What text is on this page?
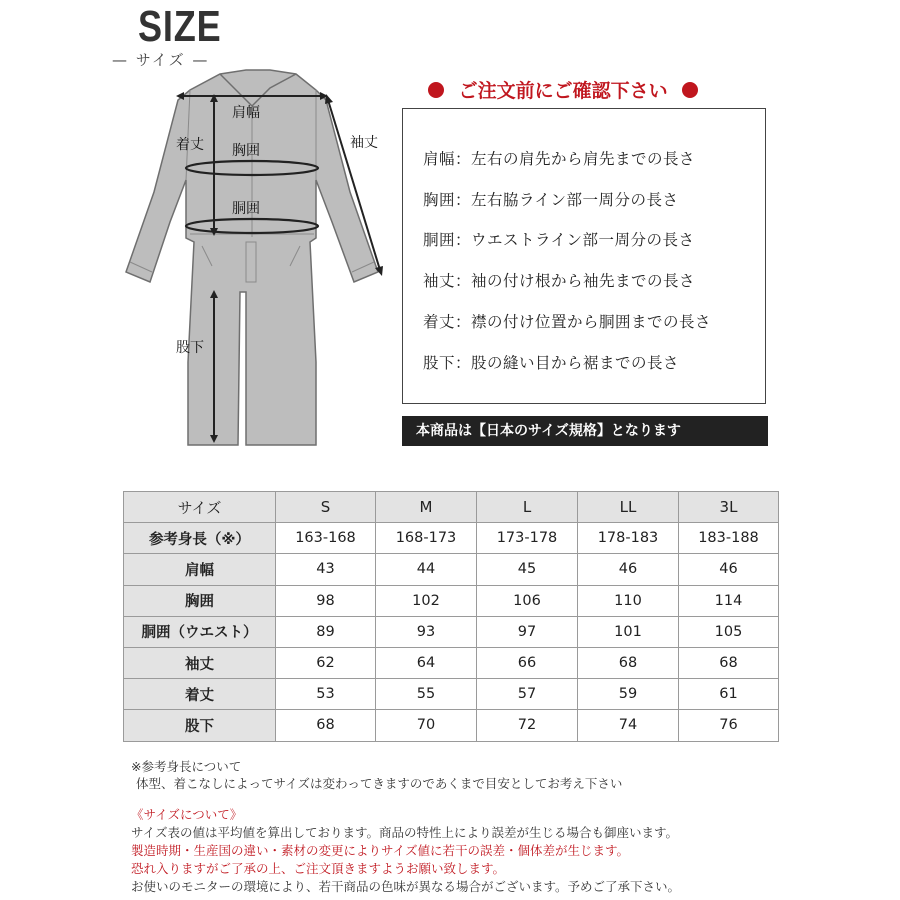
SIZE
— サイズ —
肩幅
着丈 胸囲	袖丈
胴囲
股下
ご注文前にご確認下さい
肩幅：左右の肩先から肩先までの長さ
胸囲：左右脇ライン部一周分の長さ
胴囲：ウエストライン部一周分の長さ
袖丈：袖の付け根から袖先までの長さ
着丈：襟の付け位置から胴囲までの長さ
股下：股の縫い目から裾までの長さ
本商品は【日本のサイズ規格】となります
サイズ	S	M	L	LL	3L
参考身長（※）	163-168	168-173	173-178	178-183	183-188
肩幅	43	44	45	46	46
胸囲	98	102	106	110	114
胴囲（ウエスト）	89	93	97	101	105
袖丈	62	64	66	68	68
着丈	53	55	57	59	61
股下	68	70	72	74	76
※参考身長について
体型、着こなしによってサイズは変わってきますのであくまで目安としてお考え下さい
《サイズについて》
サイズ表の値は平均値を算出しております。商品の特性上により誤差が生じる場合も御座います。
製造時期・生産国の違い・素材の変更によりサイズ値に若干の誤差・個体差が生じます。
恐れ入りますがご了承の上、ご注文頂きますようお願い致します。
お使いのモニターの環境により、若干商品の色味が異なる場合がございます。予めご了承下さい。
